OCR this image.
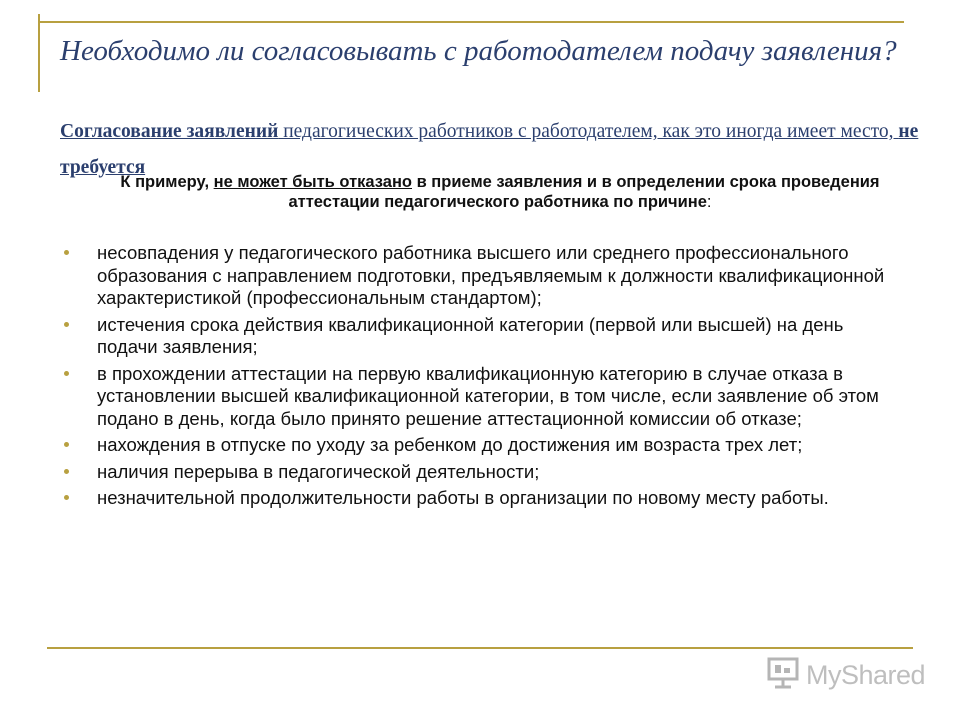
Необходимо ли согласовывать с работодателем подачу заявления?
Согласование заявлений педагогических работников с работодателем, как это иногда имеет место, не требуется
К примеру, не может быть отказано в приеме заявления и в определении срока проведения аттестации педагогического работника по причине:
несовпадения у педагогического работника высшего или среднего профессионального образования с направлением подготовки, предъявляемым к должности квалификационной характеристикой (профессиональным стандартом);
истечения срока действия квалификационной категории (первой или высшей) на день подачи заявления;
в прохождении аттестации на первую квалификационную категорию в случае отказа в установлении высшей квалификационной категории, в том числе, если заявление об этом подано в день, когда было принято решение аттестационной комиссии об отказе;
нахождения в отпуске по уходу за ребенком до достижения им возраста трех лет;
наличия перерыва в педагогической деятельности;
незначительной продолжительности работы в организации по новому месту работы.
MyShared
